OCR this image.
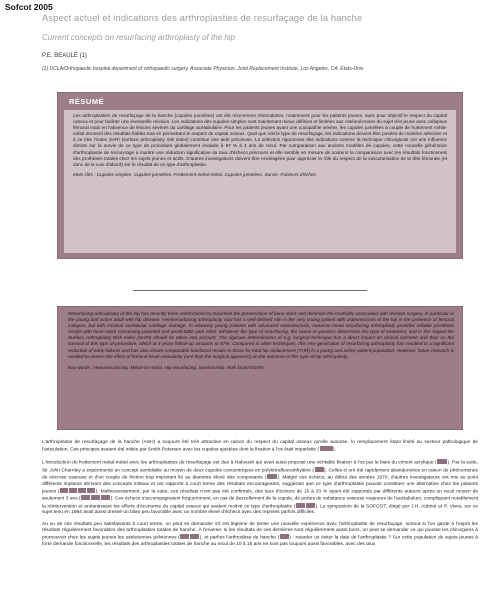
Sofcot 2005
Aspect actuel et indications des arthroplasties de resurfaçage de la hanche
Current concepts on resurfacing arthroplasty of the hip
P.E. BEAULÉ (1)
(1) UCLA/Orthopaedic hospital department of orthopaedic surgery, Associate Physician, Joint Replacement Institute, Los Angeles, CA, États-Unis
RÉSUMÉ

Les arthroplasties de resurfaçage de la hanche (cupules jumelées) ont été récemment réintroduites, notamment pour les patients jeunes, avec pour objectif le respect du capital osseux et pour faciliter une éventuelle révision. Les indications des cupules simples sont maintenant mieux définies et limitées aux ostéonécroses du sujet très jeune avec collapsus fémoral mais en l'absence de lésions sévères du cartilage acétabulaire. Pour les patients jeunes ayant une coxopathie sévère, les cupules jumelées à couple de frottement métal-métal donnent des résultats fiables tout en permettant le respect du capital osseux. Quel que soit le type de resurfaçage, les indications doivent être posées de manière sélective et à ce titre l'index SARI (surface arthroplasty risk index) constitue une aide précieuse. La sélection rigoureuse des indications comme la technique chirurgicale ont une influence directe sur la survie de ce type de procédure globalement évaluée à 97 % à 4 ans de recul. Par comparaison aux anciens modèles de cupules, cette nouvelle génération d'arthroplastie de recouvrage a montré une réduction significative du taux d'échecs précoces et elle semble en mesure de soutenir la comparaison avec les résultats fonctionnels des prothèses totales chez les sujets jeunes et actifs. D'autres investigations doivent être envisagées pour apprécier le rôle du respect de la vascularisation de la tête fémorale (et donc de la voie d'abord) sur le résultat de ce type d'arthroplastie.

Mots clés : Cupules simples. Cupules jumelées. Frottement métal-métal. Cupules jumelées. Survie. Facteurs d'échec.

Resurfacing arthroplasty of the hip has recently been reintroduced to maximize the preservation of bone stock and minimize the morbidity associated with revision surgery, in particular in the young and active adult with hip disease. Hemiresurfacing arthroplasty now has a well-defined role in the very young patient with osteonecrosis of the hip in the presence of femoral collapse, but with minimal acetabular cartilage damage. In relatively young patients with advanced osteonecrosis, metal-on-metal resurfacing arthroplasty provides reliable prosthetic results with bone-stock conserving potential and predictable pain relief. Whatever the type of resurfacing, the cause in question determines the type of treatment, and in this regard the Surface Arthroplasty Risk Index (SARI) should be taken into account. The rigorous determination of e.g. surgical technique has a direct impact on clinical outcome and thus on the survival of this type of procedure, which at 4 years follow-up amounts to 97%. Compared to older techniques, this new generation of resurfacing arthroplasty has resulted in a significant reduction of early failures and has also shown comparable functional results to those for total hip replacement (THR) in a young and active patient population. However, future research is needed to assess the effect of femoral head vascularity (and thus the surgical approach) on the outcome of this type of hip arthroplasty.

Key words : Hemiresurfacing. Metal-on-metal. Hip resurfacing. Survivorship. Risk factors/SARI.

L'arthroplastie de resurfaçage de la hanche (ASH) a toujours été très attractive en raison du respect du capital osseux qu'elle autorise, lo remplacement étant limité au secteur pathologique de l'articulation. Ces principes avaient été initiés par Smith-Petersen avec les cupules ajustées dont la fixation à l'os était imparfaite (	).

L'introduction du frottement métal-métal avec les arthroplasties de resurfaçage est due à Haboush qui avait aussi proposé une véritable fixation à l'os par le biais du ciment acrylique ( ). Par la suite, Sir John Charnley a expérimenté un concept semblable au moyen de deux cupules concentriques en polytétrafluoroéthylène ( ). Celles-ci ont été rapidement abandonnées en raison de phénomènes de nécrose osseuse et d'un couple de friction trop important lié au diamètre élevé des composants ( ). Malgré ces échecs, au début des années 1970, d'autres investigateurs ont mis au point différents implants dérivant des concepts initiaux et ont rapporté à court terme des résultats encourageants, suggérant que ce type d'arthroplastie pouvait constituer une alternative chez les patients jeunes (	). Malheureusement, par la suite, ces résultats n'ont pas été confirmés, des taux d'échecs de 15 à 33 % ayant été rapportés par différents auteurs après un recul moyen de seulement 3 ans (	). Ces échecs s'accompagnaient fréquemment, en cas de descellement de la cupule, de pertes de substance osseuse majeures de l'acétabulum, compliquant notablement la réintervention et anéantissant les efforts d'économie du capital osseux qui avaient motivé ce type d'arthroplastie (	). Le symposium de la SOFCOT, dirigé par J.H. Aubriot et P. Vives, sur ce sujet tenu en 1984 avait aussi dressé un bilan peu favorable avec un nombre élevé d'échecs avec des reprises parfois difficiles.

Au vu de ces résultats peu satisfaisants à court terme, on peut se demander s'il est légitime de tenter une nouvelle expérience avec l'arthroplastie de resurfaçage, surtout si l'on garde à l'esprit les résultats régulièrement favorables des arthroplasties totales de hanche. À l'inverse, si les résultats de ces dernières sont régulièrement aussi bons, on peut se demander ce qui pousse les chirurgiens à promouvoir chez les sujets jeunes les ostéotomies pelviennes (	), et parfois l'arthrodèse de hanche ( ) : retarder ou éviter la date de l'arthroplastie ? Sur cette population de sujets jeunes à forte demande fonctionnelle, les résultats des arthroplasties totales de hanche au recul de 10 à 15 ans ne sont pas toujours aussi favorables, avec des taux
